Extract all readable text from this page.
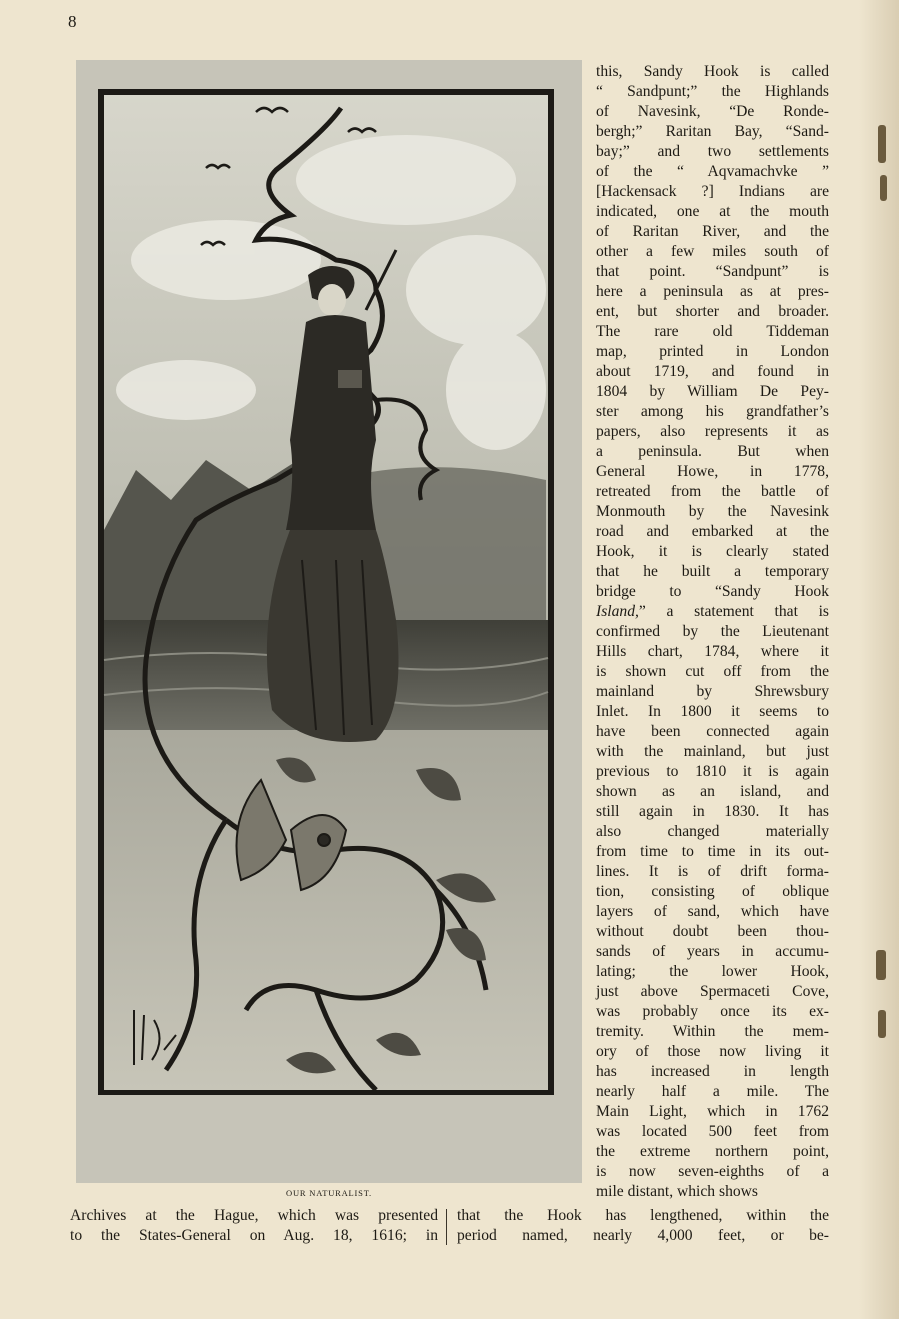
8
OUR NATURALIST.
this, Sandy Hook is called
“ Sandpunt;” the Highlands
of Navesink, “De Ronde-
bergh;” Raritan Bay, “Sand-
bay;” and two settlements
of the “ Aqvamachvke ”
[Hackensack ?] Indians are
indicated, one at the mouth
of Raritan River, and the
other a few miles south of
that point. “Sandpunt” is
here a peninsula as at pres-
ent, but shorter and broader.
The rare old Tiddeman
map, printed in London
about 1719, and found in
1804 by William De Pey-
ster among his grandfather’s
papers, also represents it as
a peninsula. But when
General Howe, in 1778,
retreated from the battle of
Monmouth by the Navesink
road and embarked at the
Hook, it is clearly stated
that he built a temporary
bridge to “Sandy Hook
Island,” a statement that is
confirmed by the Lieutenant
Hills chart, 1784, where it
is shown cut off from the
mainland by Shrewsbury
Inlet. In 1800 it seems to
have been connected again
with the mainland, but just
previous to 1810 it is again
shown as an island, and
still again in 1830. It has
also changed materially
from time to time in its out-
lines. It is of drift forma-
tion, consisting of oblique
layers of sand, which have
without doubt been thou-
sands of years in accumu-
lating; the lower Hook,
just above Spermaceti Cove,
was probably once its ex-
tremity. Within the mem-
ory of those now living it
has increased in length
nearly half a mile. The
Main Light, which in 1762
was located 500 feet from
the extreme northern point,
is now seven-eighths of a
mile distant, which shows
Archives at the Hague, which was presented
to the States-General on Aug. 18, 1616; in
that the Hook has lengthened, within the
period named, nearly 4,000 feet, or be-
